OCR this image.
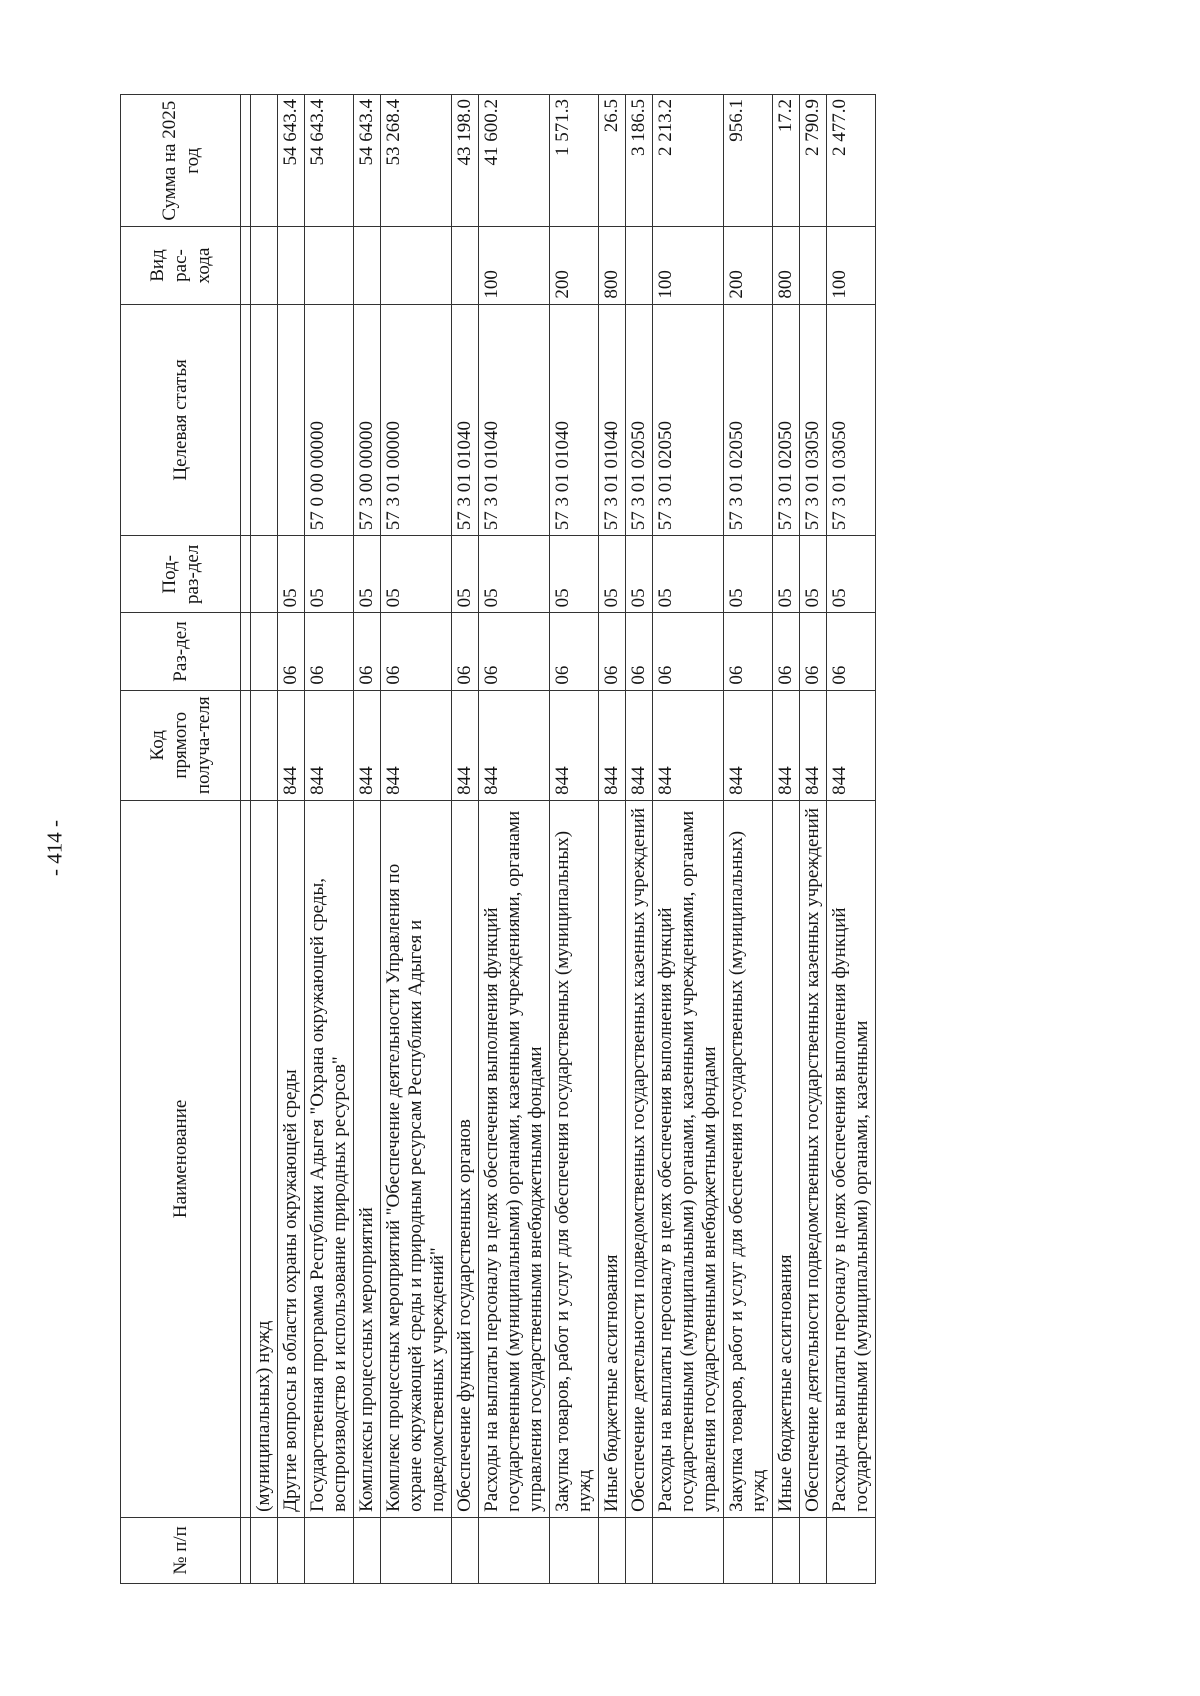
- 414 -
№ п/п	Наименование	Код прямого получа-теля	Раз-дел	Под-раз-дел	Целевая статья	Вид рас-хода	Сумма на 2025 год

	(муниципальных) нужд						
	Другие вопросы в области охраны окружающей среды	844	06	05			54 643.4
	Государственная программа Республики Адыгея "Охрана окружающей среды, воспроизводство и использование природных ресурсов"	844	06	05	57 0 00 00000		54 643.4
	Комплексы процессных мероприятий	844	06	05	57 3 00 00000		54 643.4
	Комплекс процессных мероприятий "Обеспечение деятельности Управления по охране окружающей среды и природным ресурсам Республики Адыгея и подведомственных учреждений"	844	06	05	57 3 01 00000		53 268.4
	Обеспечение функций государственных органов	844	06	05	57 3 01 01040		43 198.0
	Расходы на выплаты персоналу в целях обеспечения выполнения функций государственными (муниципальными) органами, казенными учреждениями, органами управления государственными внебюджетными фондами	844	06	05	57 3 01 01040	100	41 600.2
	Закупка товаров, работ и услуг для обеспечения государственных (муниципальных) нужд	844	06	05	57 3 01 01040	200	1 571.3
	Иные бюджетные ассигнования	844	06	05	57 3 01 01040	800	26.5
	Обеспечение деятельности подведомственных государственных казенных учреждений	844	06	05	57 3 01 02050		3 186.5
	Расходы на выплаты персоналу в целях обеспечения выполнения функций государственными (муниципальными) органами, казенными учреждениями, органами управления государственными внебюджетными фондами	844	06	05	57 3 01 02050	100	2 213.2
	Закупка товаров, работ и услуг для обеспечения государственных (муниципальных) нужд	844	06	05	57 3 01 02050	200	956.1
	Иные бюджетные ассигнования	844	06	05	57 3 01 02050	800	17.2
	Обеспечение деятельности подведомственных государственных казенных учреждений	844	06	05	57 3 01 03050		2 790.9
	Расходы на выплаты персоналу в целях обеспечения выполнения функций государственными (муниципальными) органами, казенными	844	06	05	57 3 01 03050	100	2 477.0
